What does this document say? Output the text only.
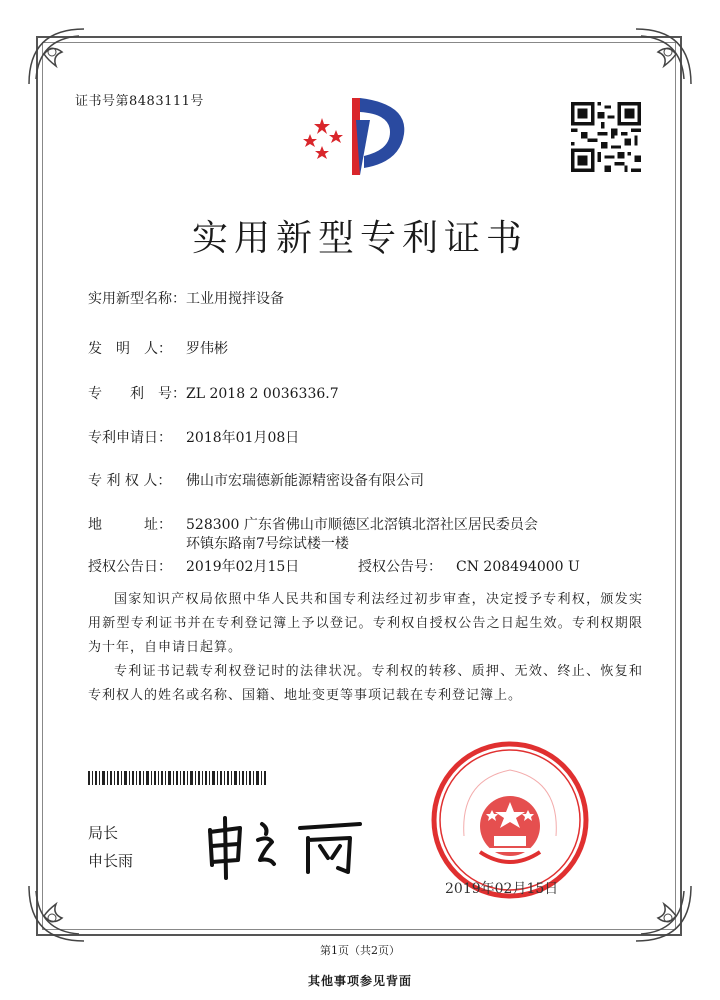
证书号第8483111号
实用新型专利证书
实用新型名称：工业用搅拌设备
发　明　人： 罗伟彬
专　　利　号：ZL 2018 2 0036336.7
专利申请日： 2018年01月08日
专 利 权 人： 佛山市宏瑞德新能源精密设备有限公司
地　　　址： 528300 广东省佛山市顺德区北滘镇北滘社区居民委员会
环镇东路南7号综试楼一楼
授权公告日： 2019年02月15日	授权公告号： CN 208494000 U
国家知识产权局依照中华人民共和国专利法经过初步审查，决定授予专利权，颁发实用新型专利证书并在专利登记簿上予以登记。专利权自授权公告之日起生效。专利权期限为十年，自申请日起算。
专利证书记载专利权登记时的法律状况。专利权的转移、质押、无效、终止、恢复和专利权人的姓名或名称、国籍、地址变更等事项记载在专利登记簿上。
局长
申长雨
2019年02月15日
第1页（共2页）
其他事项参见背面
